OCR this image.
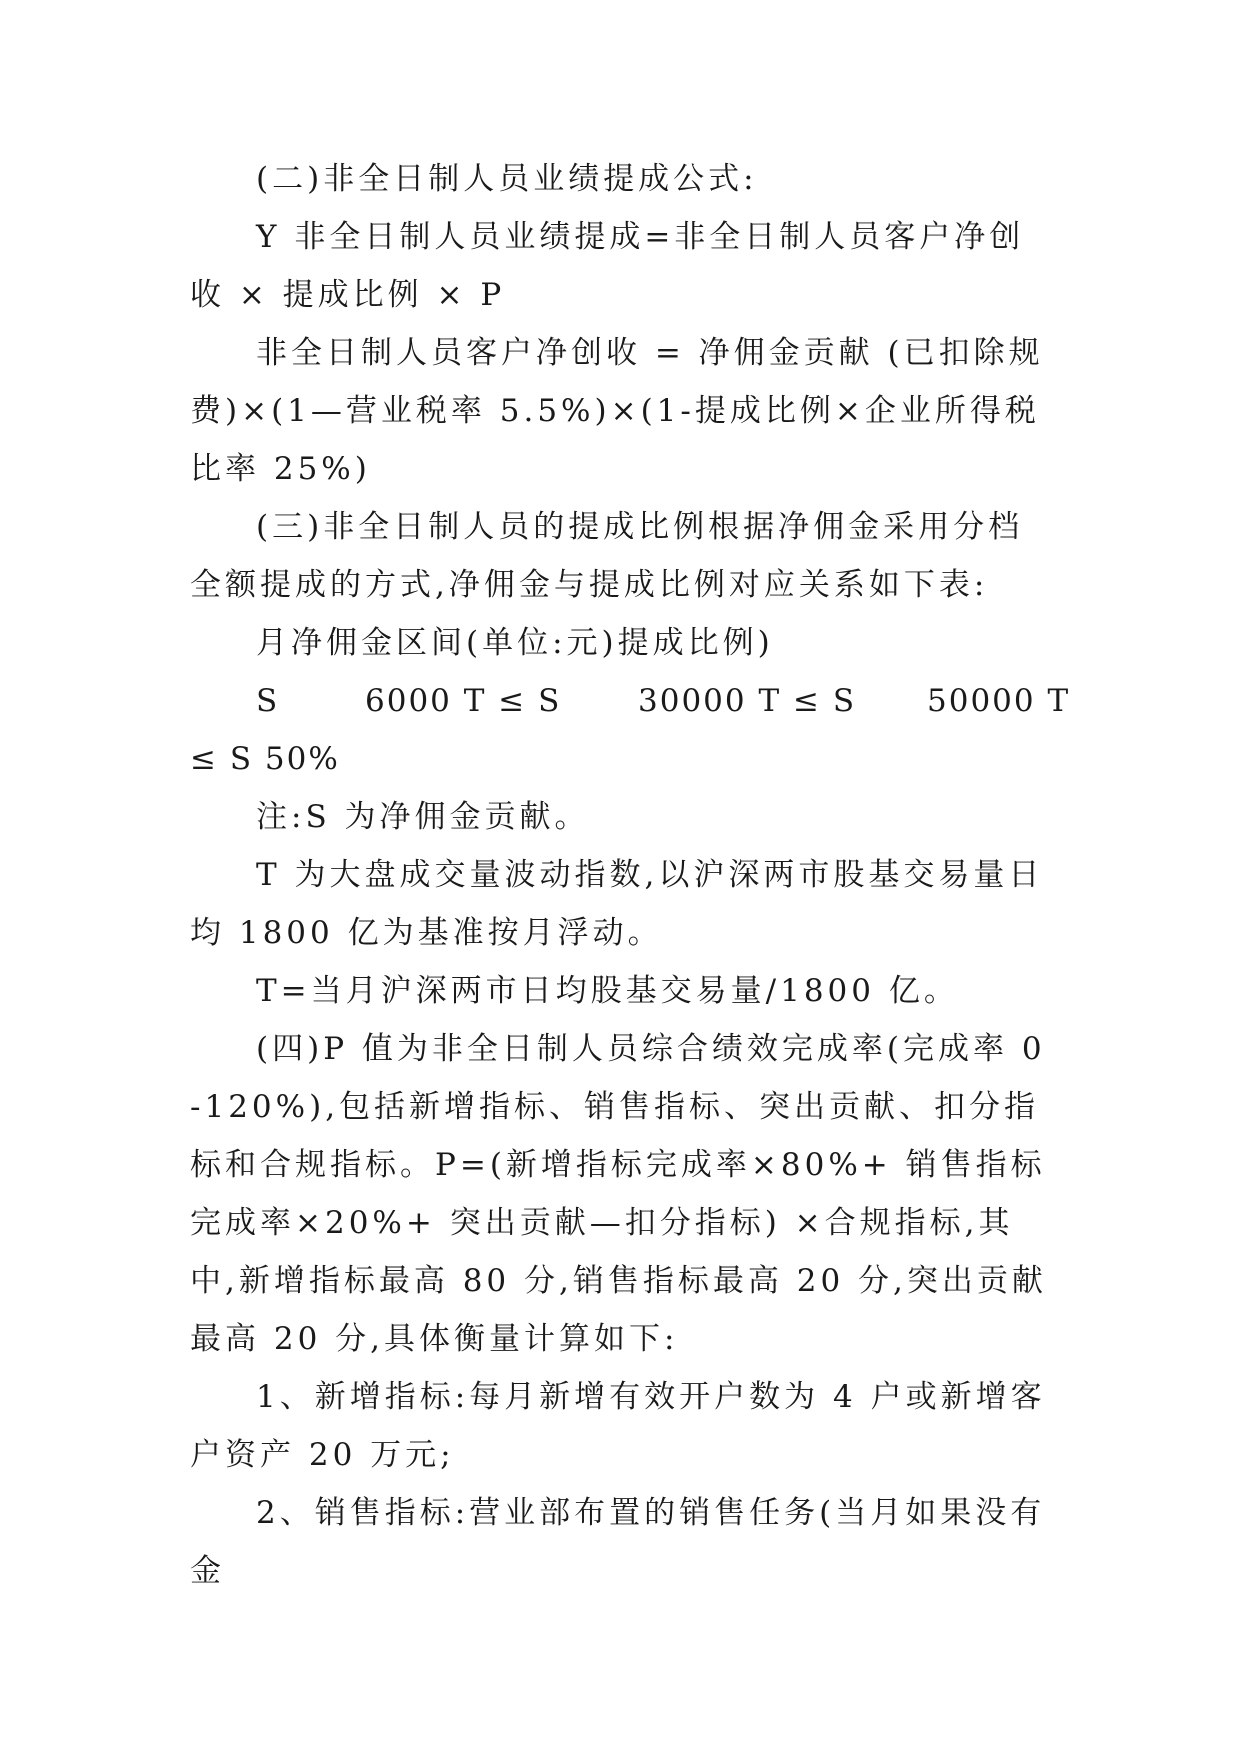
(二)非全日制人员业绩提成公式:

Y 非全日制人员业绩提成=非全日制人员客户净创收 × 提成比例 × P

非全日制人员客户净创收 = 净佣金贡献 (已扣除规费)×(1—营业税率 5.5%)×(1-提成比例×企业所得税比率 25%)

(三)非全日制人员的提成比例根据净佣金采用分档全额提成的方式,净佣金与提成比例对应关系如下表:

月净佣金区间(单位:元)提成比例)

S	6000 T ≤ S 30000 T ≤ S 50000 T
≤ S 50%

注:S 为净佣金贡献。

T 为大盘成交量波动指数,以沪深两市股基交易量日均 1800 亿为基准按月浮动。

T=当月沪深两市日均股基交易量/1800 亿。

(四)P 值为非全日制人员综合绩效完成率(完成率 0-120%),包括新增指标、销售指标、突出贡献、扣分指标和合规指标。P=(新增指标完成率×80%+ 销售指标完成率×20%+ 突出贡献—扣分指标) ×合规指标,其中,新增指标最高 80 分,销售指标最高 20 分,突出贡献最高 20 分,具体衡量计算如下:

1、新增指标:每月新增有效开户数为 4 户或新增客户资产 20 万元;

2、销售指标:营业部布置的销售任务(当月如果没有金
